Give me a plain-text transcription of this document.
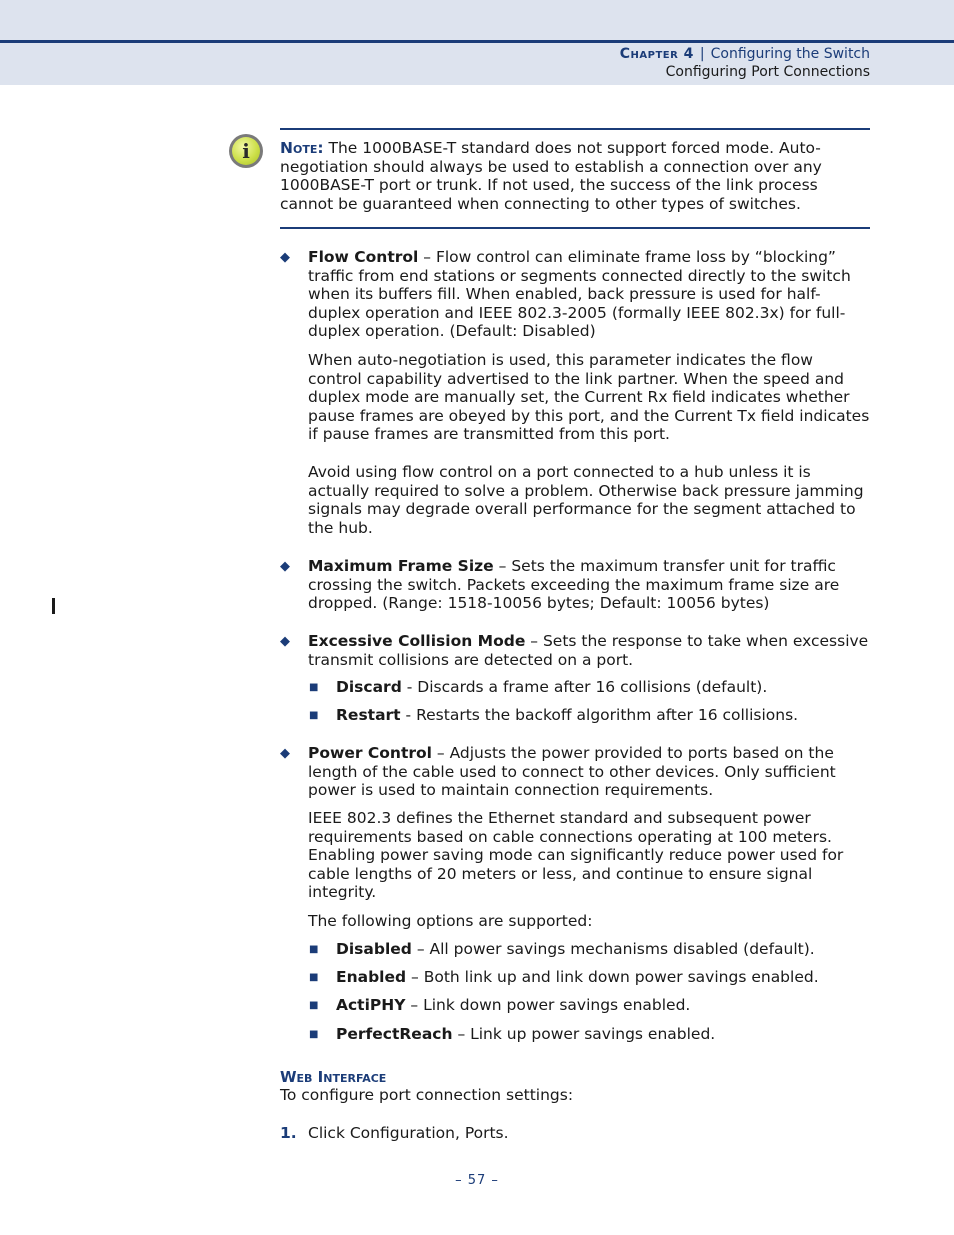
Chapter 4 | Configuring the Switch
Configuring Port Connections
i	Note: The 1000BASE-T standard does not support forced mode. Auto-negotiation should always be used to establish a connection over any 1000BASE-T port or trunk. If not used, the success of the link process cannot be guaranteed when connecting to other types of switches.
◆ Flow Control – Flow control can eliminate frame loss by “blocking” traffic from end stations or segments connected directly to the switch when its buffers fill. When enabled, back pressure is used for half-duplex operation and IEEE 802.3-2005 (formally IEEE 802.3x) for full-duplex operation. (Default: Disabled)
When auto-negotiation is used, this parameter indicates the flow control capability advertised to the link partner. When the speed and duplex mode are manually set, the Current Rx field indicates whether pause frames are obeyed by this port, and the Current Tx field indicates if pause frames are transmitted from this port.
Avoid using flow control on a port connected to a hub unless it is actually required to solve a problem. Otherwise back pressure jamming signals may degrade overall performance for the segment attached to the hub.
◆ Maximum Frame Size – Sets the maximum transfer unit for traffic crossing the switch. Packets exceeding the maximum frame size are dropped. (Range: 1518-10056 bytes; Default: 10056 bytes)
◆ Excessive Collision Mode – Sets the response to take when excessive transmit collisions are detected on a port.
■ Discard - Discards a frame after 16 collisions (default).
■ Restart - Restarts the backoff algorithm after 16 collisions.
◆ Power Control – Adjusts the power provided to ports based on the length of the cable used to connect to other devices. Only sufficient power is used to maintain connection requirements.
IEEE 802.3 defines the Ethernet standard and subsequent power requirements based on cable connections operating at 100 meters. Enabling power saving mode can significantly reduce power used for cable lengths of 20 meters or less, and continue to ensure signal integrity.
The following options are supported:
■ Disabled – All power savings mechanisms disabled (default).
■ Enabled – Both link up and link down power savings enabled.
■ ActiPHY – Link down power savings enabled.
■ PerfectReach – Link up power savings enabled.
Web Interface
To configure port connection settings:
1. Click Configuration, Ports.
– 57 –
